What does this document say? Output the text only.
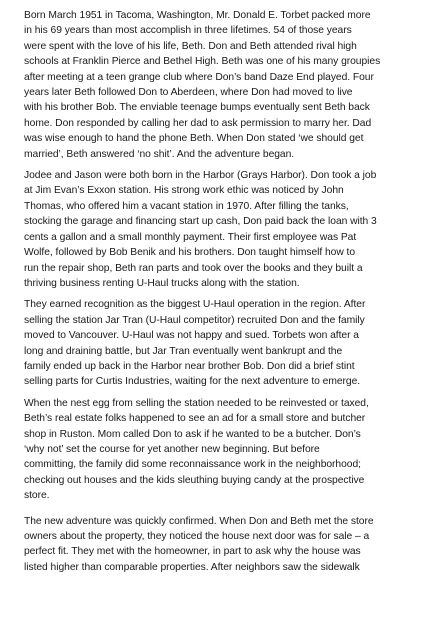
Born March 1951 in Tacoma, Washington, Mr. Donald E. Torbet packed more
in his 69 years than most accomplish in three lifetimes. 54 of those years
were spent with the love of his life, Beth. Don and Beth attended rival high
schools at Franklin Pierce and Bethel High. Beth was one of his many groupies
after meeting at a teen grange club where Don’s band Daze End played. Four
years later Beth followed Don to Aberdeen, where Don had moved to live
with his brother Bob. The enviable teenage bumps eventually sent Beth back
home. Don responded by calling her dad to ask permission to marry her. Dad
was wise enough to hand the phone Beth. When Don stated ‘we should get
married’, Beth answered ‘no shit’. And the adventure began.

Jodee and Jason were both born in the Harbor (Grays Harbor). Don took a job
at Jim Evan’s Exxon station. His strong work ethic was noticed by John
Thomas, who offered him a vacant station in 1970. After filling the tanks,
stocking the garage and financing start up cash, Don paid back the loan with 3
cents a gallon and a small monthly payment. Their first employee was Pat
Wolfe, followed by Bob Benik and his brothers. Don taught himself how to
run the repair shop, Beth ran parts and took over the books and they built a
thriving business renting U-Haul trucks along with the station.

They earned recognition as the biggest U-Haul operation in the region. After
selling the station Jar Tran (U-Haul competitor) recruited Don and the family
moved to Vancouver. U-Haul was not happy and sued. Torbets won after a
long and draining battle, but Jar Tran eventually went bankrupt and the
family ended up back in the Harbor near brother Bob. Don did a brief stint
selling parts for Curtis Industries, waiting for the next adventure to emerge.

When the nest egg from selling the station needed to be reinvested or taxed,
Beth’s real estate folks happened to see an ad for a small store and butcher
shop in Ruston. Mom called Don to ask if he wanted to be a butcher. Don’s
‘why not’ set the course for yet another new beginning. But before
committing, the family did some reconnaissance work in the neighborhood;
checking out houses and the kids sleuthing buying candy at the prospective
store.

The new adventure was quickly confirmed. When Don and Beth met the store
owners about the property, they noticed the house next door was for sale – a
perfect fit. They met with the homeowner, in part to ask why the house was
listed higher than comparable properties. After neighbors saw the sidewalk
